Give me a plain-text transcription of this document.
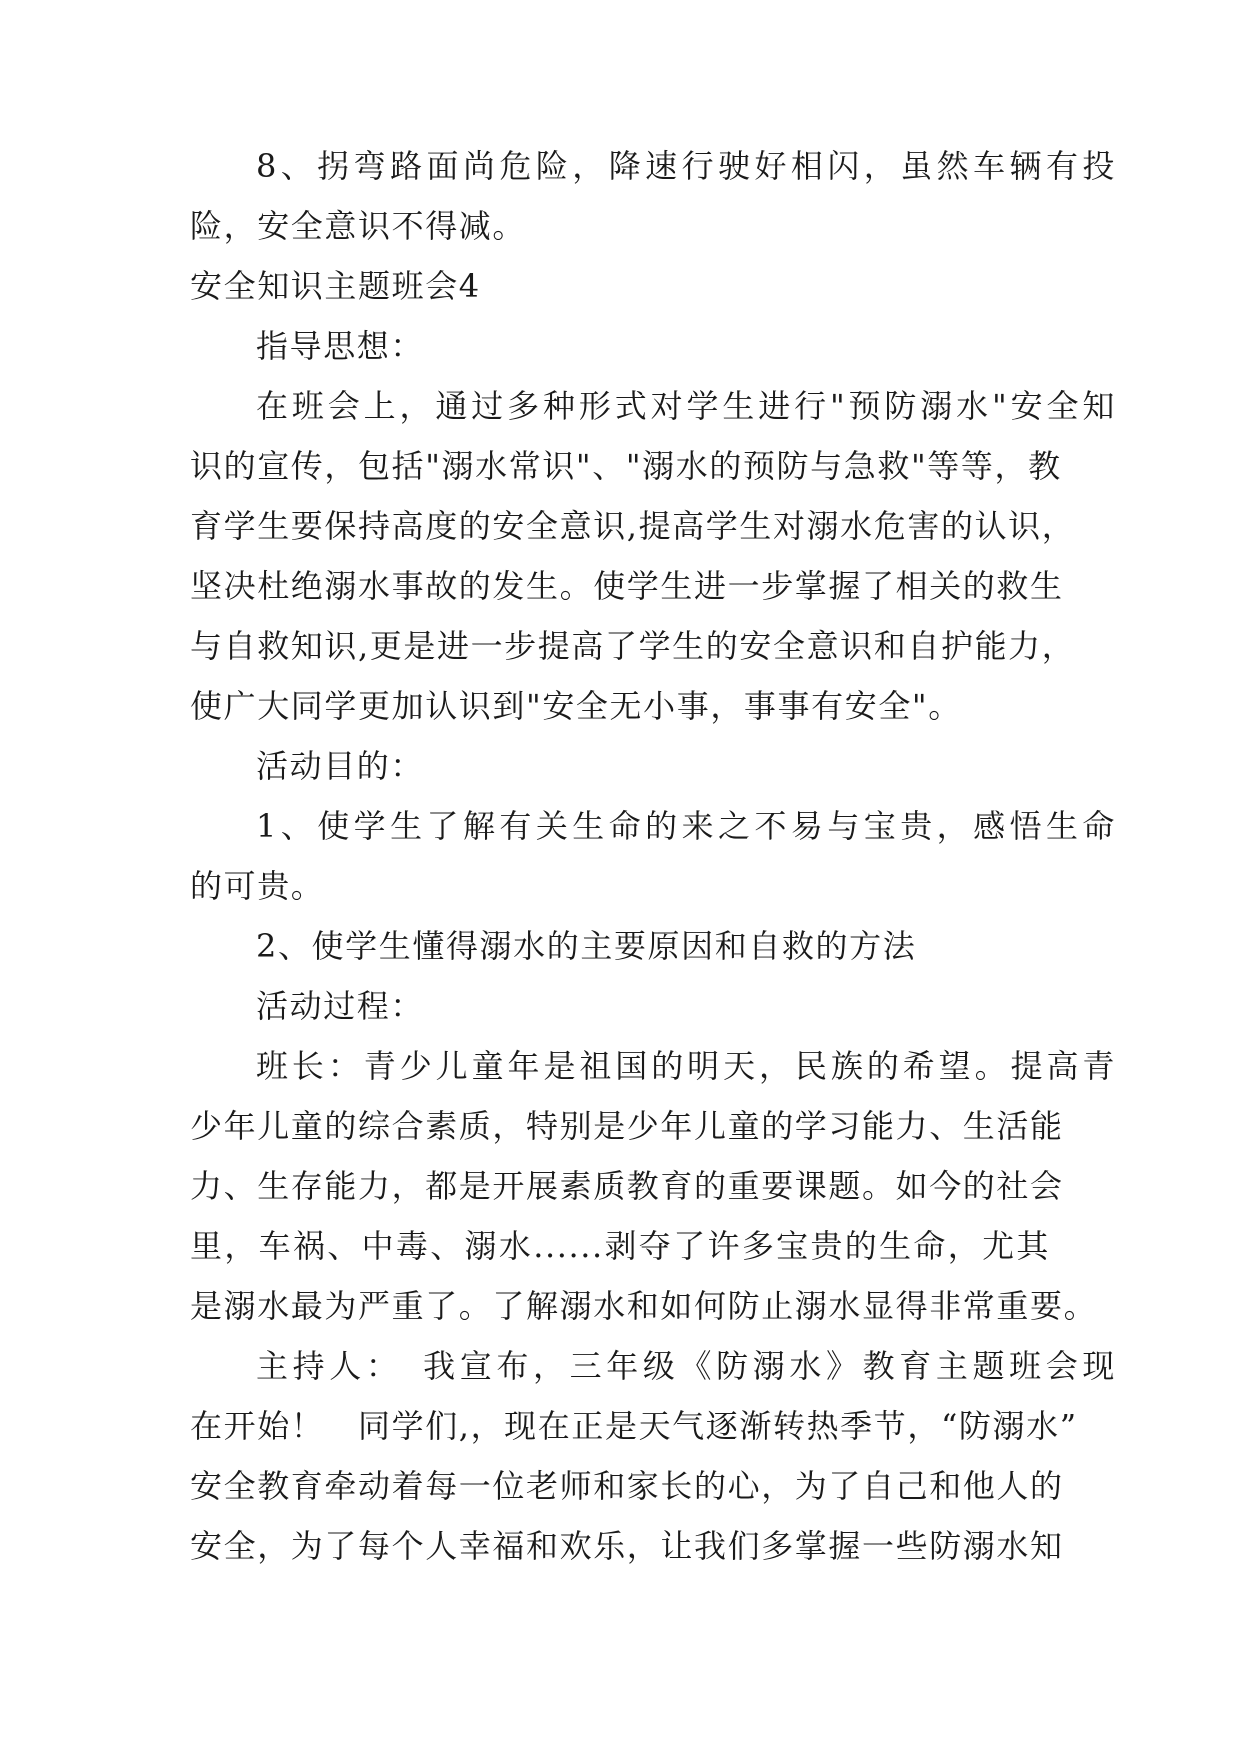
8、拐弯路面尚危险，降速行驶好相闪，虽然车辆有投
险，安全意识不得减。
安全知识主题班会4
指导思想：
在班会上，通过多种形式对学生进行"预防溺水"安全知
识的宣传，包括"溺水常识"、"溺水的预防与急救"等等，教
育学生要保持高度的安全意识,提高学生对溺水危害的认识，
坚决杜绝溺水事故的发生。使学生进一步掌握了相关的救生
与自救知识,更是进一步提高了学生的安全意识和自护能力，
使广大同学更加认识到"安全无小事，事事有安全"。
活动目的：
1、使学生了解有关生命的来之不易与宝贵，感悟生命
的可贵。
2、使学生懂得溺水的主要原因和自救的方法
活动过程：
班长：青少儿童年是祖国的明天，民族的希望。提高青
少年儿童的综合素质，特别是少年儿童的学习能力、生活能
力、生存能力，都是开展素质教育的重要课题。如今的社会
里，车祸、中毒、溺水......剥夺了许多宝贵的生命，尤其
是溺水最为严重了。了解溺水和如何防止溺水显得非常重要。
主持人：　我宣布，三年级《防溺水》教育主题班会现
在开始！　同学们,，现在正是天气逐渐转热季节，“防溺水”
安全教育牵动着每一位老师和家长的心，为了自己和他人的
安全，为了每个人幸福和欢乐，让我们多掌握一些防溺水知
